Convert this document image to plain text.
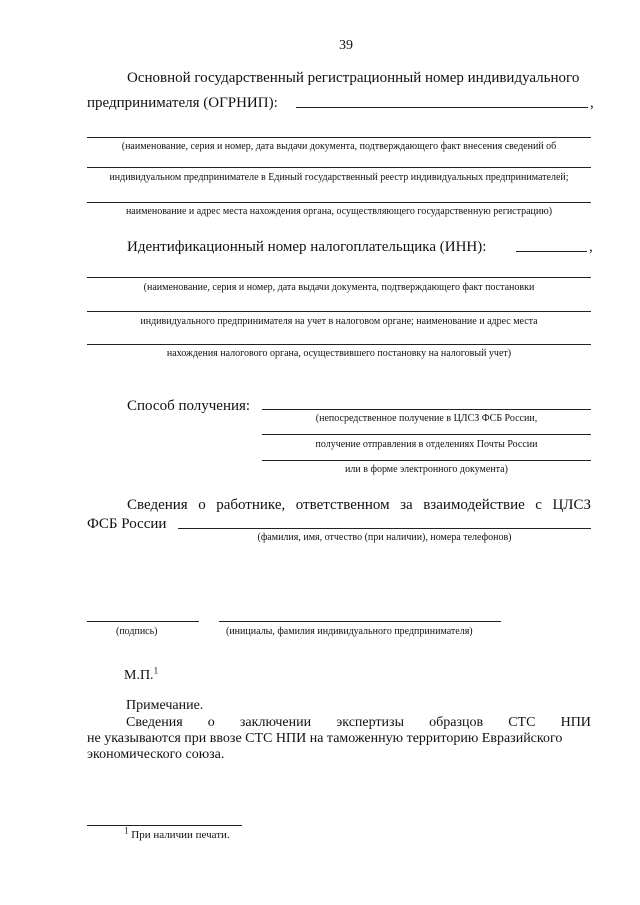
39
Основной государственный регистрационный номер индивидуального
предпринимателя (ОГРНИП):	,
(наименование, серия и номер, дата выдачи документа, подтверждающего факт внесения сведений об
индивидуальном предпринимателе в Единый государственный реестр индивидуальных предпринимателей;
наименование и адрес места нахождения органа, осуществляющего государственную регистрацию)
Идентификационный номер налогоплательщика (ИНН):	,
(наименование, серия и номер, дата выдачи документа, подтверждающего факт постановки
индивидуального предпринимателя на учет в налоговом органе; наименование и адрес места
нахождения налогового органа, осуществившего постановку на налоговый учет)
Способ получения:
(непосредственное получение в ЦЛСЗ ФСБ России,
получение отправления в отделениях Почты России
или в форме электронного документа)
Сведения о работнике, ответственном за взаимодействие с ЦЛСЗ
ФСБ России
(фамилия, имя, отчество (при наличии), номера телефонов)
(подпись)	(инициалы, фамилия индивидуального предпринимателя)
М.П.$^1$
Примечание.
Сведения о заключении экспертизы образцов СТС НПИ
не указываются при ввозе СТС НПИ на таможенную территорию Евразийского
экономического союза.
$^1$ При наличии печати.
